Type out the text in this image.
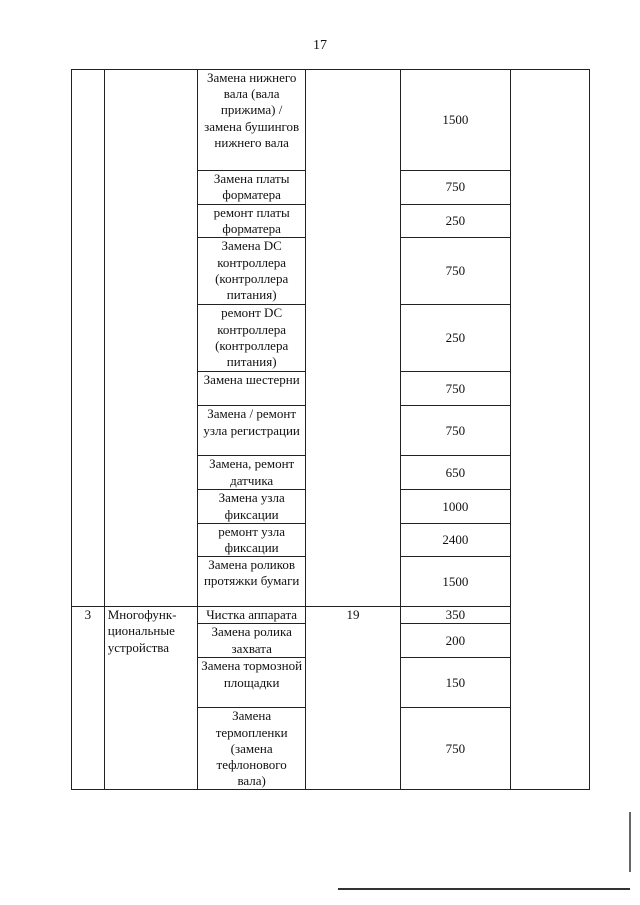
17
		Замена нижнего вала (вала прижима) / замена бушингов нижнего вала		1500	
		Замена платы форматера		750	
		ремонт платы форматера		250	
		Замена DC контроллера (контроллера питания)		750	
		ремонт DC контроллера (контроллера питания)		250	
		Замена шестерни		750	
		Замена / ремонт узла регистрации		750	
		Замена, ремонт датчика		650	
		Замена узла фиксации		1000	
		ремонт узла фиксации		2400	
		Замена роликов протяжки бумаги		1500	
3	Многофунк-циональные устройства	Чистка аппарата	19	350	
		Замена ролика захвата		200	
		Замена тормозной площадки		150	
		Замена термопленки (замена тефлонового вала)		750	
